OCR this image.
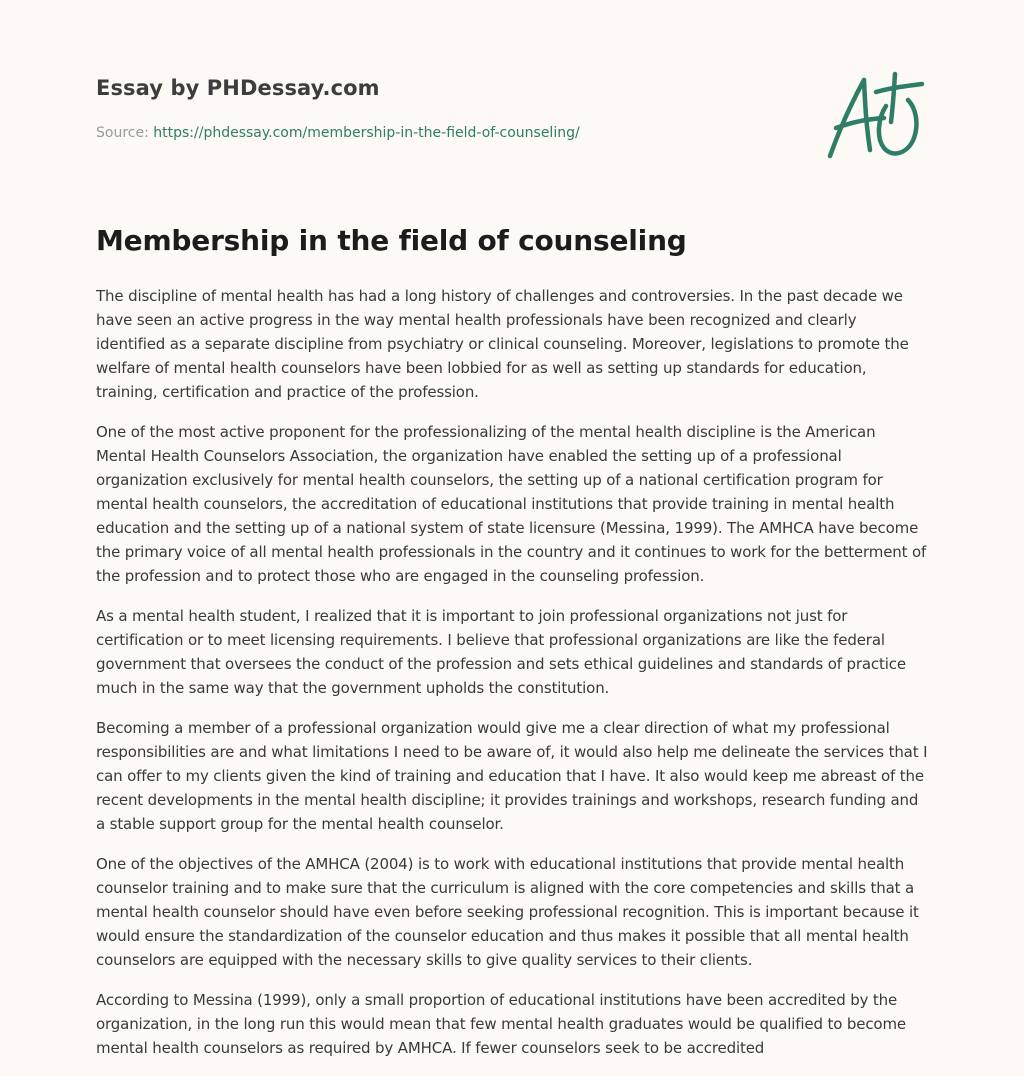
Essay by PHDessay.com
Source: https://phdessay.com/membership-in-the-field-of-counseling/
Membership in the field of counseling

The discipline of mental health has had a long history of challenges and controversies. In the past decade we have seen an active progress in the way mental health professionals have been recognized and clearly identified as a separate discipline from psychiatry or clinical counseling. Moreover, legislations to promote the welfare of mental health counselors have been lobbied for as well as setting up standards for education, training, certification and practice of the profession.

One of the most active proponent for the professionalizing of the mental health discipline is the American Mental Health Counselors Association, the organization have enabled the setting up of a professional organization exclusively for mental health counselors, the setting up of a national certification program for mental health counselors, the accreditation of educational institutions that provide training in mental health education and the setting up of a national system of state licensure (Messina, 1999). The AMHCA have become the primary voice of all mental health professionals in the country and it continues to work for the betterment of the profession and to protect those who are engaged in the counseling profession.

As a mental health student, I realized that it is important to join professional organizations not just for certification or to meet licensing requirements. I believe that professional organizations are like the federal government that oversees the conduct of the profession and sets ethical guidelines and standards of practice much in the same way that the government upholds the constitution.

Becoming a member of a professional organization would give me a clear direction of what my professional responsibilities are and what limitations I need to be aware of, it would also help me delineate the services that I can offer to my clients given the kind of training and education that I have. It also would keep me abreast of the recent developments in the mental health discipline; it provides trainings and workshops, research funding and a stable support group for the mental health counselor.

One of the objectives of the AMHCA (2004) is to work with educational institutions that provide mental health counselor training and to make sure that the curriculum is aligned with the core competencies and skills that a mental health counselor should have even before seeking professional recognition. This is important because it would ensure the standardization of the counselor education and thus makes it possible that all mental health counselors are equipped with the necessary skills to give quality services to their clients.

According to Messina (1999), only a small proportion of educational institutions have been accredited by the organization, in the long run this would mean that few mental health graduates would be qualified to become mental health counselors as required by AMHCA. If fewer counselors seek to be accredited
